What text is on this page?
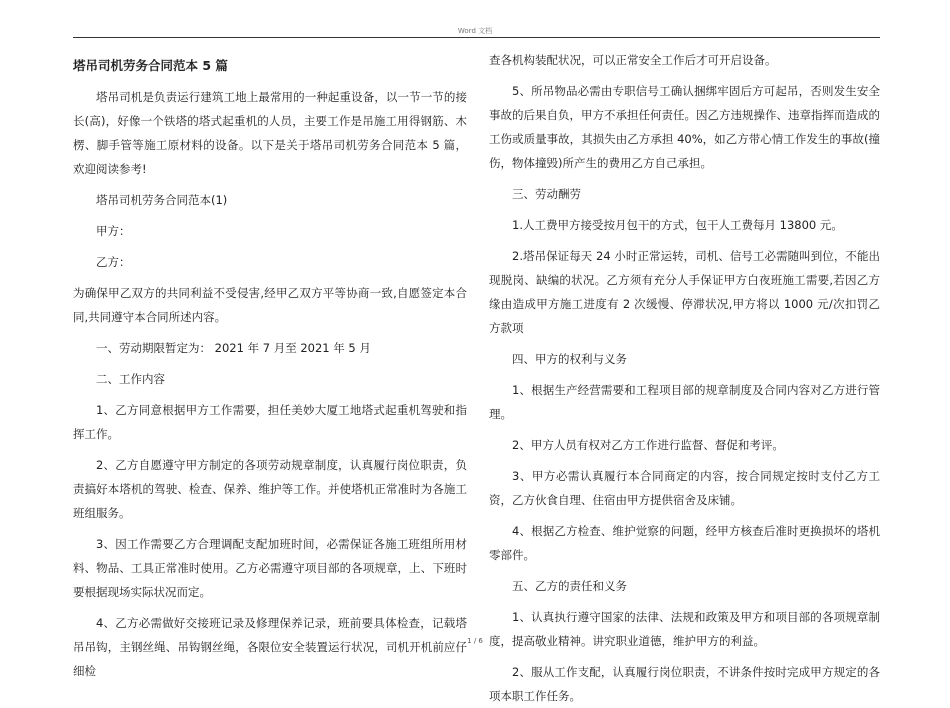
Word 文档
塔吊司机劳务合同范本 5 篇

塔吊司机是负责运行建筑工地上最常用的一种起重设备，以一节一节的接长(高)，好像一个铁塔的塔式起重机的人员，主要工作是吊施工用得钢筋、木楞、脚手管等施工原材料的设备。以下是关于塔吊司机劳务合同范本 5 篇，欢迎阅读参考!

塔吊司机劳务合同范本(1)

甲方：

乙方：

为确保甲乙双方的共同利益不受侵害,经甲乙双方平等协商一致,自愿签定本合同,共同遵守本合同所述内容。

一、劳动期限暂定为： 2021 年 7 月至 2021 年 5 月

二、工作内容

1、乙方同意根据甲方工作需要，担任美妙大厦工地塔式起重机驾驶和指挥工作。

2、乙方自愿遵守甲方制定的各项劳动规章制度，认真履行岗位职责，负责搞好本塔机的驾驶、检查、保养、维护等工作。并使塔机正常准时为各施工班组服务。

3、因工作需要乙方合理调配支配加班时间，必需保证各施工班组所用材料、物品、工具正常准时使用。乙方必需遵守项目部的各项规章，上、下班时要根据现场实际状况而定。

4、乙方必需做好交接班记录及修理保养记录，班前要具体检查，记载塔吊吊钩，主钢丝绳、吊钩钢丝绳，各限位安全装置运行状况，司机开机前应仔细检

查各机构装配状况，可以正常安全工作后才可开启设备。

5、所吊物品必需由专职信号工确认捆绑牢固后方可起吊，否则发生安全事故的后果自负，甲方不承担任何责任。因乙方违规操作、违章指挥而造成的工伤或质量事故，其损失由乙方承担 40%，如乙方带心情工作发生的事故(撞伤，物体撞毁)所产生的费用乙方自己承担。

三、劳动酬劳

1.人工费甲方接受按月包干的方式，包干人工费每月 13800 元。

2.塔吊保证每天 24 小时正常运转，司机、信号工必需随叫到位，不能出现脱岗、缺编的状况。乙方须有充分人手保证甲方白夜班施工需要,若因乙方缘由造成甲方施工进度有 2 次缓慢、停滞状况,甲方将以 1000 元/次扣罚乙方款项

四、甲方的权利与义务

1、根据生产经营需要和工程项目部的规章制度及合同内容对乙方进行管理。

2、甲方人员有权对乙方工作进行监督、督促和考评。

3、甲方必需认真履行本合同商定的内容，按合同规定按时支付乙方工资，乙方伙食自理、住宿由甲方提供宿舍及床铺。

4、根据乙方检查、维护觉察的问题，经甲方核查后准时更换损坏的塔机零部件。

五、乙方的责任和义务

1、认真执行遵守国家的法律、法规和政策及甲方和项目部的各项规章制度，提高敬业精神。讲究职业道德，维护甲方的利益。

2、服从工作支配，认真履行岗位职责，不讲条件按时完成甲方规定的各项本职工作任务。

1 / 6
